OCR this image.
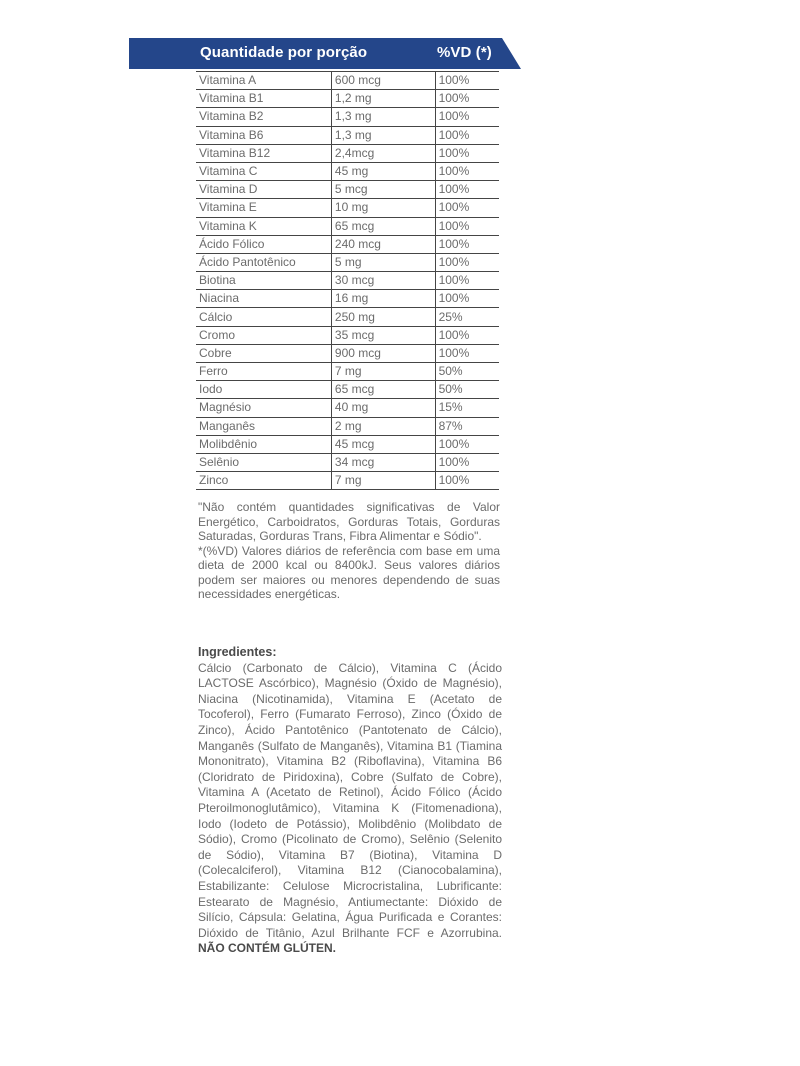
Quantidade por porção	%VD (*)
Vitamina A	600 mcg	100%
Vitamina B1	1,2 mg	100%
Vitamina B2	1,3 mg	100%
Vitamina B6	1,3 mg	100%
Vitamina B12	2,4mcg	100%
Vitamina C	45 mg	100%
Vitamina D	5 mcg	100%
Vitamina E	10 mg	100%
Vitamina K	65 mcg	100%
Ácido Fólico	240 mcg	100%
Ácido Pantotênico	5 mg	100%
Biotina	30 mcg	100%
Niacina	16 mg	100%
Cálcio	250 mg	25%
Cromo	35 mcg	100%
Cobre	900 mcg	100%
Ferro	7 mg	50%
Iodo	65 mcg	50%
Magnésio	40 mg	15%
Manganês	2 mg	87%
Molibdênio	45 mcg	100%
Selênio	34 mcg	100%
Zinco	7 mg	100%

"Não contém quantidades significativas de Valor Energético, Carboidratos, Gorduras Totais, Gorduras Saturadas, Gorduras Trans, Fibra Alimentar e Sódio".

*(%VD) Valores diários de referência com base em uma dieta de 2000 kcal ou 8400kJ. Seus valores diários podem ser maiores ou menores dependendo de suas necessidades energéticas.

Ingredientes:
Cálcio (Carbonato de Cálcio), Vitamina C (Ácido LACTOSE Ascórbico), Magnésio (Óxido de Magnésio), Niacina (Nicotinamida), Vitamina E (Acetato de Tocoferol), Ferro (Fumarato Ferroso), Zinco (Óxido de Zinco), Ácido Pantotênico (Pantotenato de Cálcio), Manganês (Sulfato de Manganês), Vitamina B1 (Tiamina Mononitrato), Vitamina B2 (Riboflavina), Vitamina B6 (Cloridrato de Piridoxina), Cobre (Sulfato de Cobre), Vitamina A (Acetato de Retinol), Ácido Fólico (Ácido Pteroilmonoglutâmico), Vitamina K (Fitomenadiona), Iodo (Iodeto de Potássio), Molibdênio (Molibdato de Sódio), Cromo (Picolinato de Cromo), Selênio (Selenito de Sódio), Vitamina B7 (Biotina), Vitamina D (Colecalciferol), Vitamina B12 (Cianocobalamina), Estabilizante: Celulose Microcristalina, Lubrificante: Estearato de Magnésio, Antiumectante: Dióxido de Silício, Cápsula: Gelatina, Água Purificada e Corantes: Dióxido de Titânio, Azul Brilhante FCF e Azorrubina. NÃO CONTÉM GLÚTEN.
